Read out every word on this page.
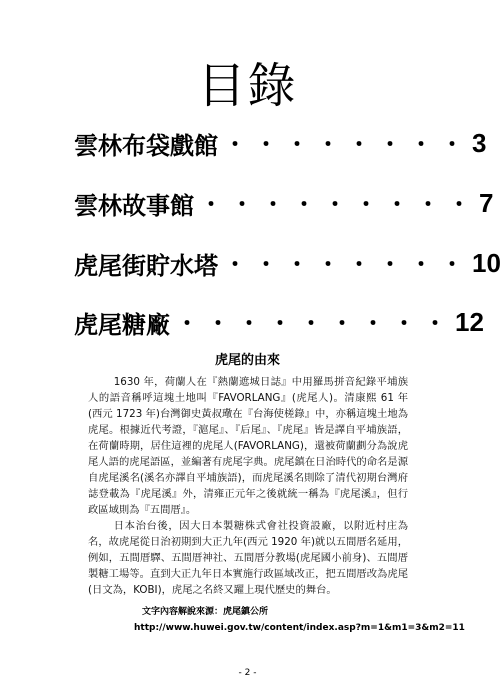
目錄
雲林布袋戲館 ・・・・・・・・ 3
雲林故事館 ・・・・・・・・・ 7
虎尾街貯水塔 ・・・・・・・・ 10
虎尾糖廠 ・・・・・・・・・ 12
虎尾的由來

1630 年，荷蘭人在『熱蘭遮城日誌』中用羅馬拼音紀錄平埔族人的語音稱呼這塊土地叫『FAVORLANG』(虎尾人)。清康熙 61 年(西元 1723 年)台灣御史黃叔璥在『台海使槎錄』中，亦稱這塊土地為虎尾。根據近代考證，『滬尾』、『后尾』、『虎尾』皆是譯自平埔族語，在荷蘭時期，居住這裡的虎尾人(FAVORLANG)，還被荷蘭劃分為說虎尾人語的虎尾語區，並編著有虎尾字典。虎尾鎮在日治時代的命名是源自虎尾溪名(溪名亦譯自平埔族語)，而虎尾溪名則除了清代初期台灣府誌登載為『虎尾溪』外，清雍正元年之後就統一稱為『虎尾溪』，但行政區域則為『五間厝』。

日本治台後，因大日本製糖株式會社投資設廠，以附近村庄為名，故虎尾從日治初期到大正九年(西元 1920 年)就以五間厝名延用，例如，五間厝驛、五間厝神社、五間厝分教場(虎尾國小前身)、五間厝製糖工場等。直到大正九年日本實施行政區域改正，把五間厝改為虎尾(日文為，KOBI)，虎尾之名終又躍上現代歷史的舞台。

文字內容解說來源：虎尾鎮公所
http://www.huwei.gov.tw/content/index.asp?m=1&m1=3&m2=11
- 2 -
